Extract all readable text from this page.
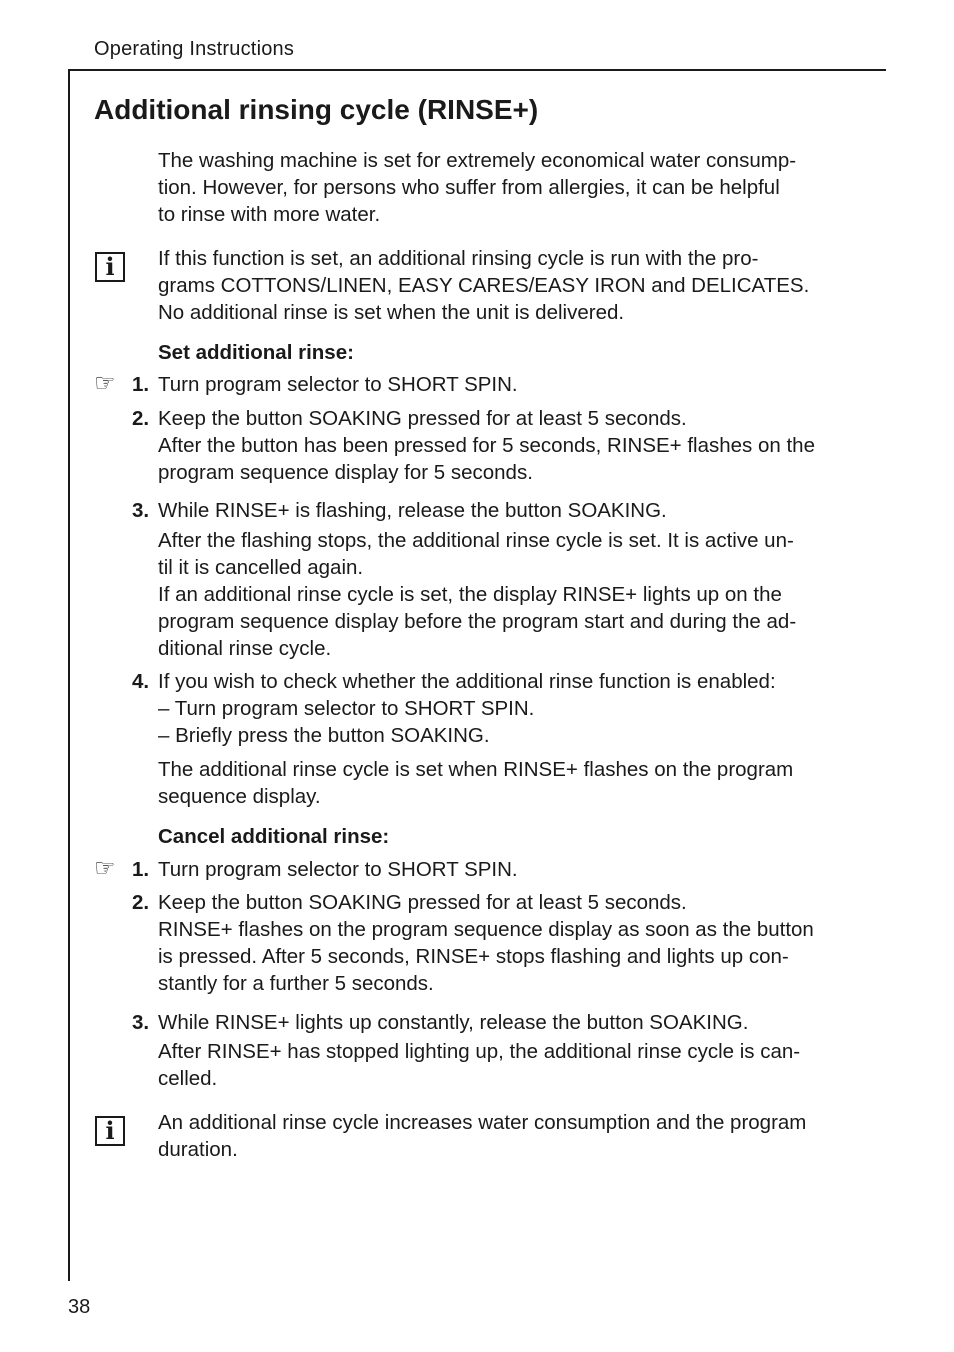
Operating Instructions
Additional rinsing cycle (RINSE+)

The washing machine is set for extremely economical water consump-

tion. However, for persons who suffer from allergies, it can be helpful

to rinse with more water.

i If this function is set, an additional rinsing cycle is run with the pro-

grams COTTONS/LINEN, EASY CARES/EASY IRON and DELICATES.

No additional rinse is set when the unit is delivered.

Set additional rinse:
☞ 1. Turn program selector to SHORT SPIN.

2. Keep the button SOAKING pressed for at least 5 seconds.

After the button has been pressed for 5 seconds, RINSE+ flashes on the

program sequence display for 5 seconds.

3. While RINSE+ is flashing, release the button SOAKING.

After the flashing stops, the additional rinse cycle is set. It is active un-

til it is cancelled again.

If an additional rinse cycle is set, the display RINSE+ lights up on the

program sequence display before the program start and during the ad-

ditional rinse cycle.

4. If you wish to check whether the additional rinse function is enabled:

– Turn program selector to SHORT SPIN.

– Briefly press the button SOAKING.

The additional rinse cycle is set when RINSE+ flashes on the program

sequence display.

Cancel additional rinse:
☞ 1. Turn program selector to SHORT SPIN.

2. Keep the button SOAKING pressed for at least 5 seconds.

RINSE+ flashes on the program sequence display as soon as the button

is pressed. After 5 seconds, RINSE+ stops flashing and lights up con-

stantly for a further 5 seconds.

3. While RINSE+ lights up constantly, release the button SOAKING.

After RINSE+ has stopped lighting up, the additional rinse cycle is can-

celled.

i An additional rinse cycle increases water consumption and the program

duration.

38
